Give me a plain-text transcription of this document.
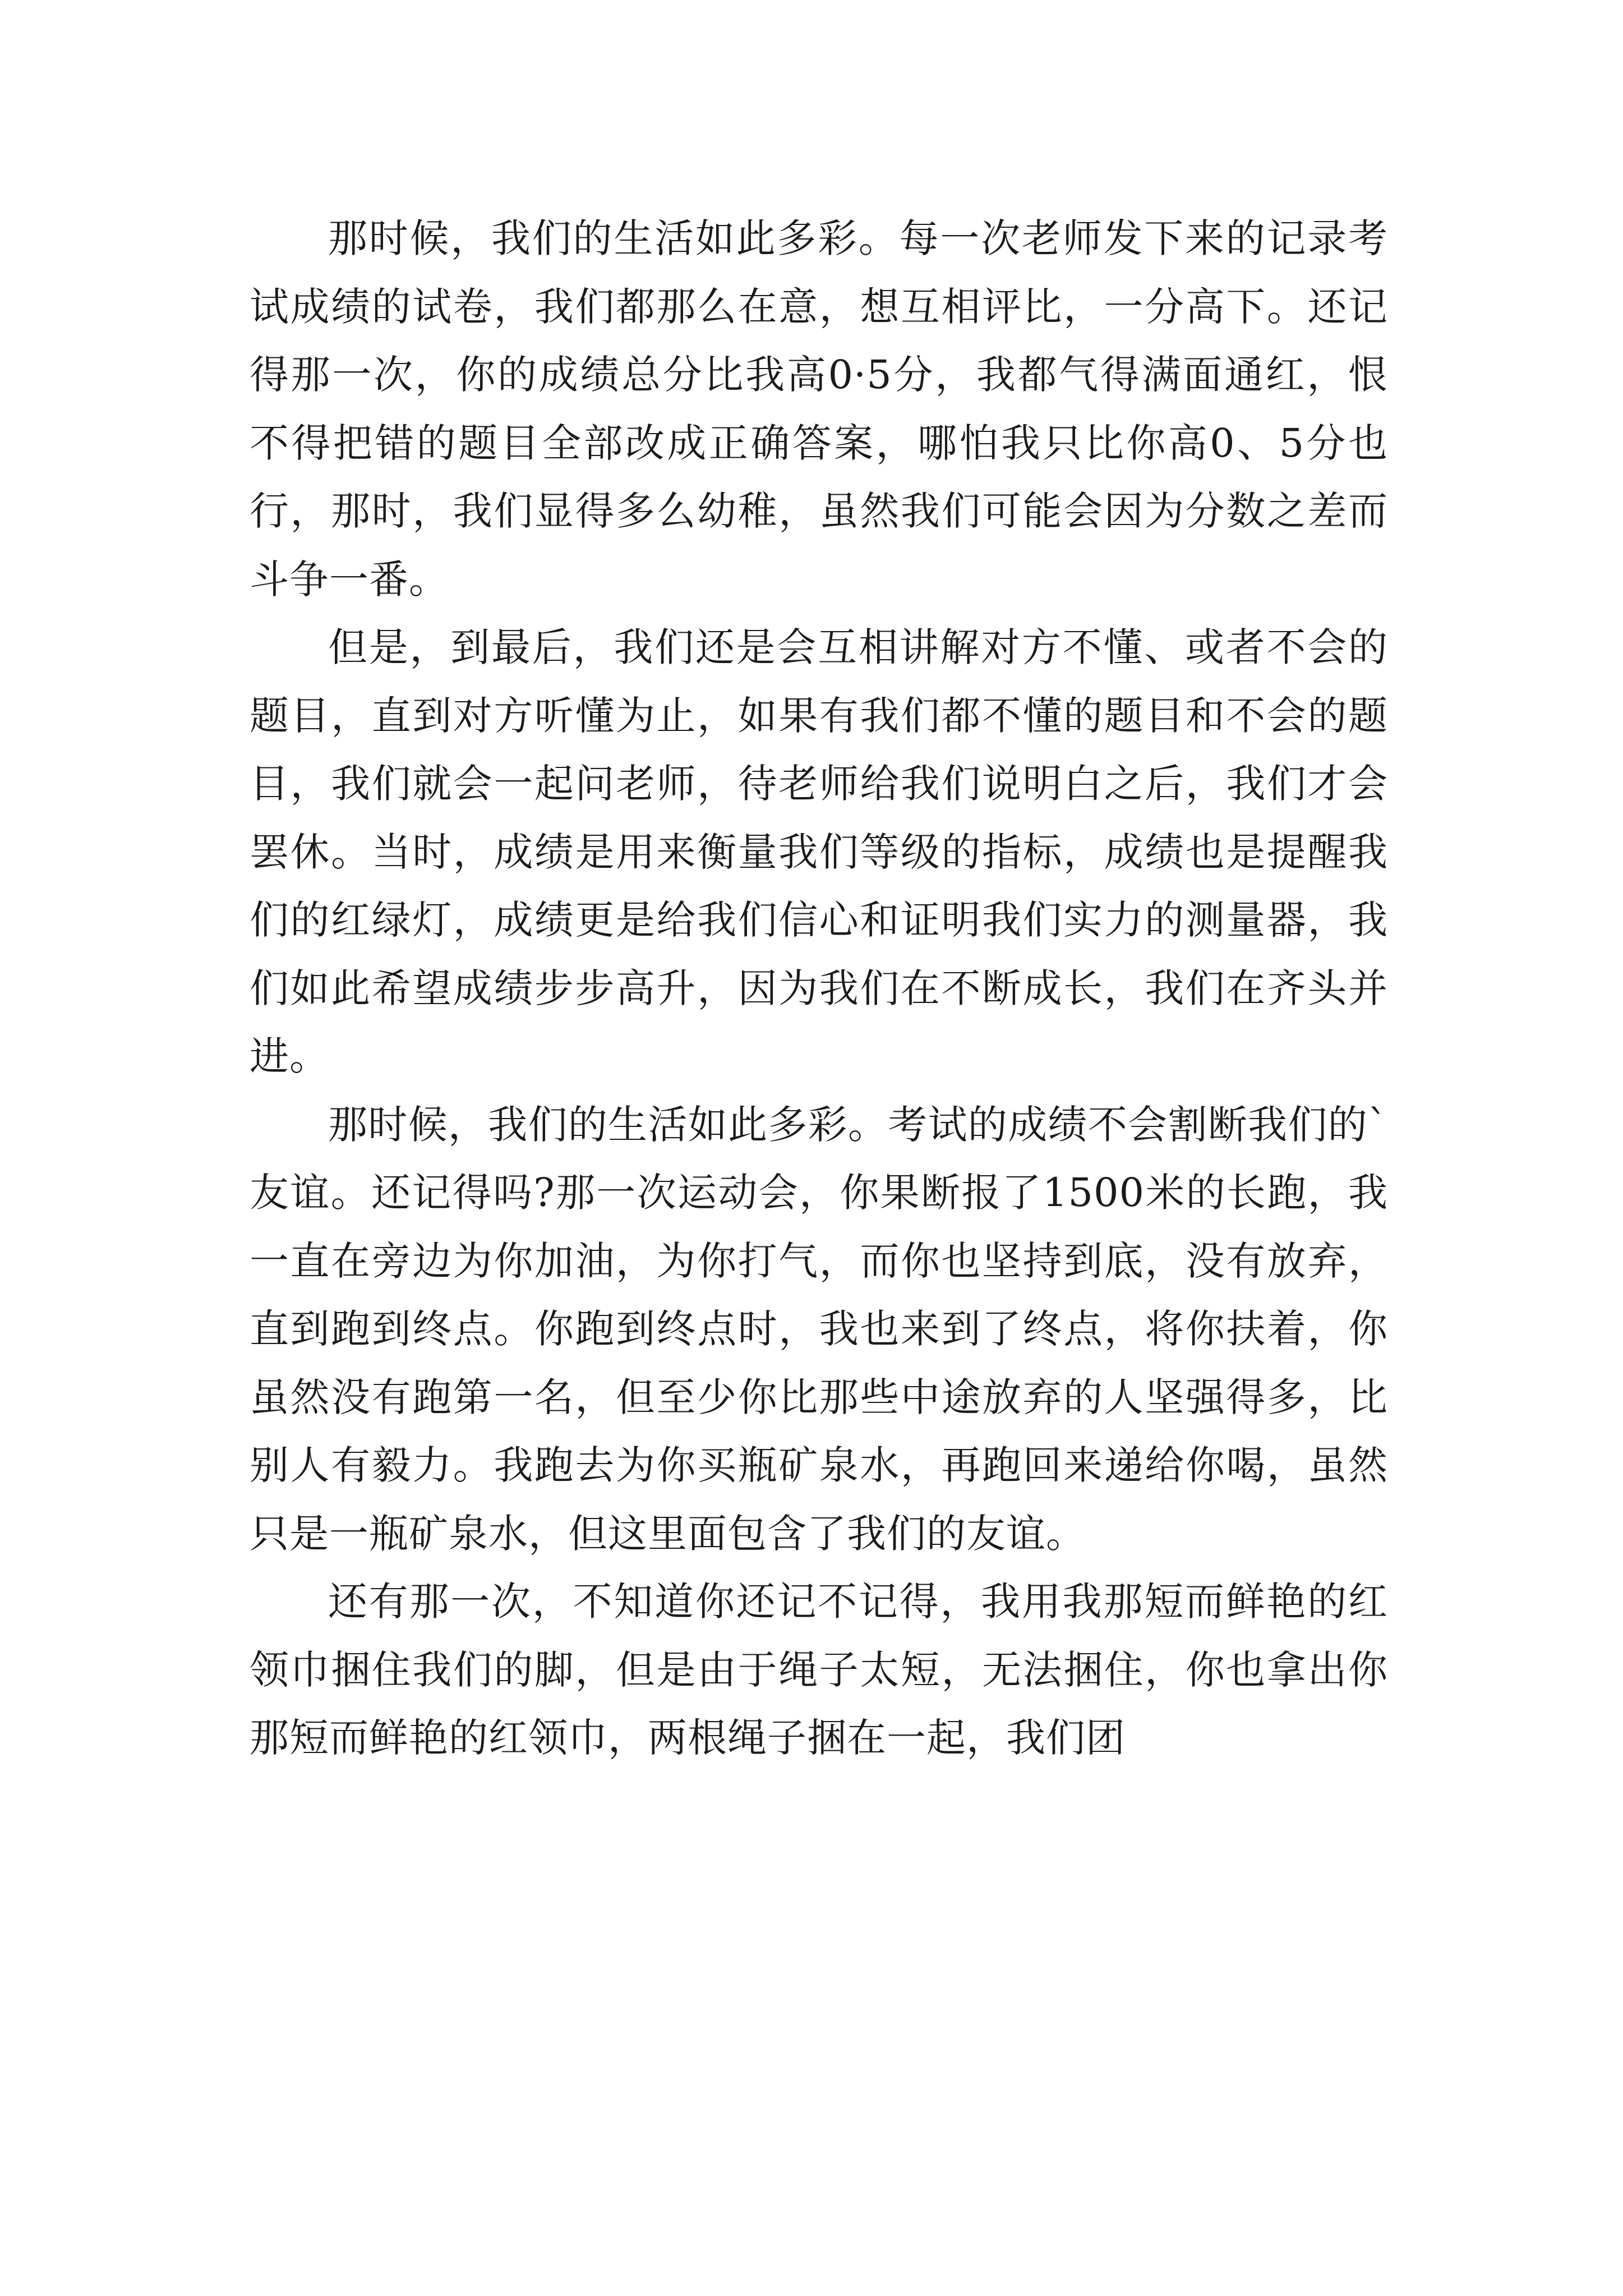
那时候，我们的生活如此多彩。每一次老师发下来的记录考试成绩的试卷，我们都那么在意，想互相评比，一分高下。还记得那一次，你的成绩总分比我高0·5分，我都气得满面通红，恨不得把错的题目全部改成正确答案，哪怕我只比你高0、5分也行，那时，我们显得多么幼稚，虽然我们可能会因为分数之差而斗争一番。

但是，到最后，我们还是会互相讲解对方不懂、或者不会的题目，直到对方听懂为止，如果有我们都不懂的题目和不会的题目，我们就会一起问老师，待老师给我们说明白之后，我们才会罢休。当时，成绩是用来衡量我们等级的指标，成绩也是提醒我们的红绿灯，成绩更是给我们信心和证明我们实力的测量器，我们如此希望成绩步步高升，因为我们在不断成长，我们在齐头并进。

那时候，我们的生活如此多彩。考试的成绩不会割断我们的`友谊。还记得吗?那一次运动会，你果断报了1500米的长跑，我一直在旁边为你加油，为你打气，而你也坚持到底，没有放弃，直到跑到终点。你跑到终点时，我也来到了终点，将你扶着，你虽然没有跑第一名，但至少你比那些中途放弃的人坚强得多，比别人有毅力。我跑去为你买瓶矿泉水，再跑回来递给你喝，虽然只是一瓶矿泉水，但这里面包含了我们的友谊。

还有那一次，不知道你还记不记得，我用我那短而鲜艳的红领巾捆住我们的脚，但是由于绳子太短，无法捆住，你也拿出你那短而鲜艳的红领巾，两根绳子捆在一起，我们团
